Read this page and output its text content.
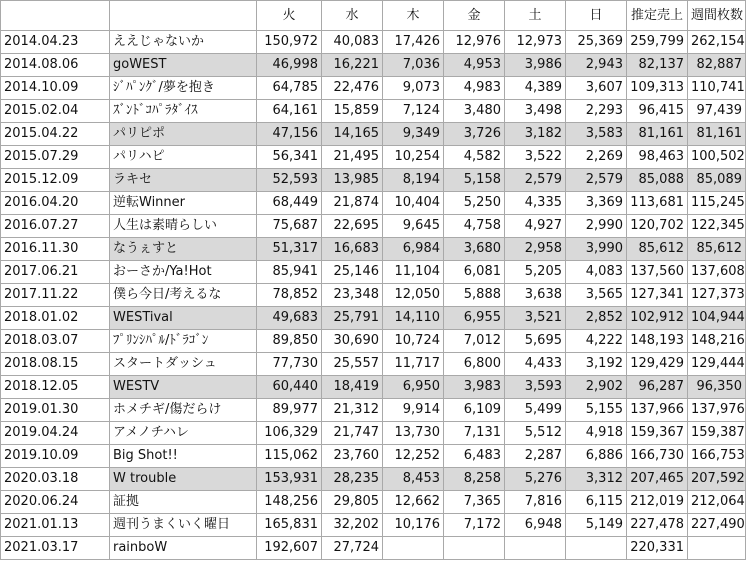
		火	水	木	金	土	日	推定売上	週間枚数
2014.04.23	ええじゃないか	150,972	40,083	17,426	12,976	12,973	25,369	259,799	262,154
2014.08.06	goWEST	46,998	16,221	7,036	4,953	3,986	2,943	82,137	82,887
2014.10.09	ｼﾞﾊﾟﾝｸﾞ/夢を抱き	64,785	22,476	9,073	4,983	4,389	3,607	109,313	110,741
2015.02.04	ｽﾞﾝﾄﾞｺﾊﾟﾗﾀﾞｲｽ	64,161	15,859	7,124	3,480	3,498	2,293	96,415	97,439
2015.04.22	パリピポ	47,156	14,165	9,349	3,726	3,182	3,583	81,161	81,161
2015.07.29	パリハピ	56,341	21,495	10,254	4,582	3,522	2,269	98,463	100,502
2015.12.09	ラキセ	52,593	13,985	8,194	5,158	2,579	2,579	85,088	85,089
2016.04.20	逆転Winner	68,449	21,874	10,404	5,250	4,335	3,369	113,681	115,245
2016.07.27	人生は素晴らしい	75,687	22,695	9,645	4,758	4,927	2,990	120,702	122,345
2016.11.30	なうぇすと	51,317	16,683	6,984	3,680	2,958	3,990	85,612	85,612
2017.06.21	おーさか/Ya!Hot	85,941	25,146	11,104	6,081	5,205	4,083	137,560	137,608
2017.11.22	僕ら今日/考えるな	78,852	23,348	12,050	5,888	3,638	3,565	127,341	127,373
2018.01.02	WESTival	49,683	25,791	14,110	6,955	3,521	2,852	102,912	104,944
2018.03.07	ﾌﾟﾘﾝｼﾊﾟﾙ/ﾄﾞﾗｺﾞﾝ	89,850	30,690	10,724	7,012	5,695	4,222	148,193	148,216
2018.08.15	スタートダッシュ	77,730	25,557	11,717	6,800	4,433	3,192	129,429	129,444
2018.12.05	WESTV	60,440	18,419	6,950	3,983	3,593	2,902	96,287	96,350
2019.01.30	ホメチギ/傷だらけ	89,977	21,312	9,914	6,109	5,499	5,155	137,966	137,976
2019.04.24	アメノチハレ	106,329	21,747	13,730	7,131	5,512	4,918	159,367	159,387
2019.10.09	Big Shot!!	115,062	23,760	12,252	6,483	2,287	6,886	166,730	166,753
2020.03.18	W trouble	153,931	28,235	8,453	8,258	5,276	3,312	207,465	207,592
2020.06.24	証拠	148,256	29,805	12,662	7,365	7,816	6,115	212,019	212,064
2021.01.13	週刊うまくいく曜日	165,831	32,202	10,176	7,172	6,948	5,149	227,478	227,490
2021.03.17	rainboW	192,607	27,724					220,331	
